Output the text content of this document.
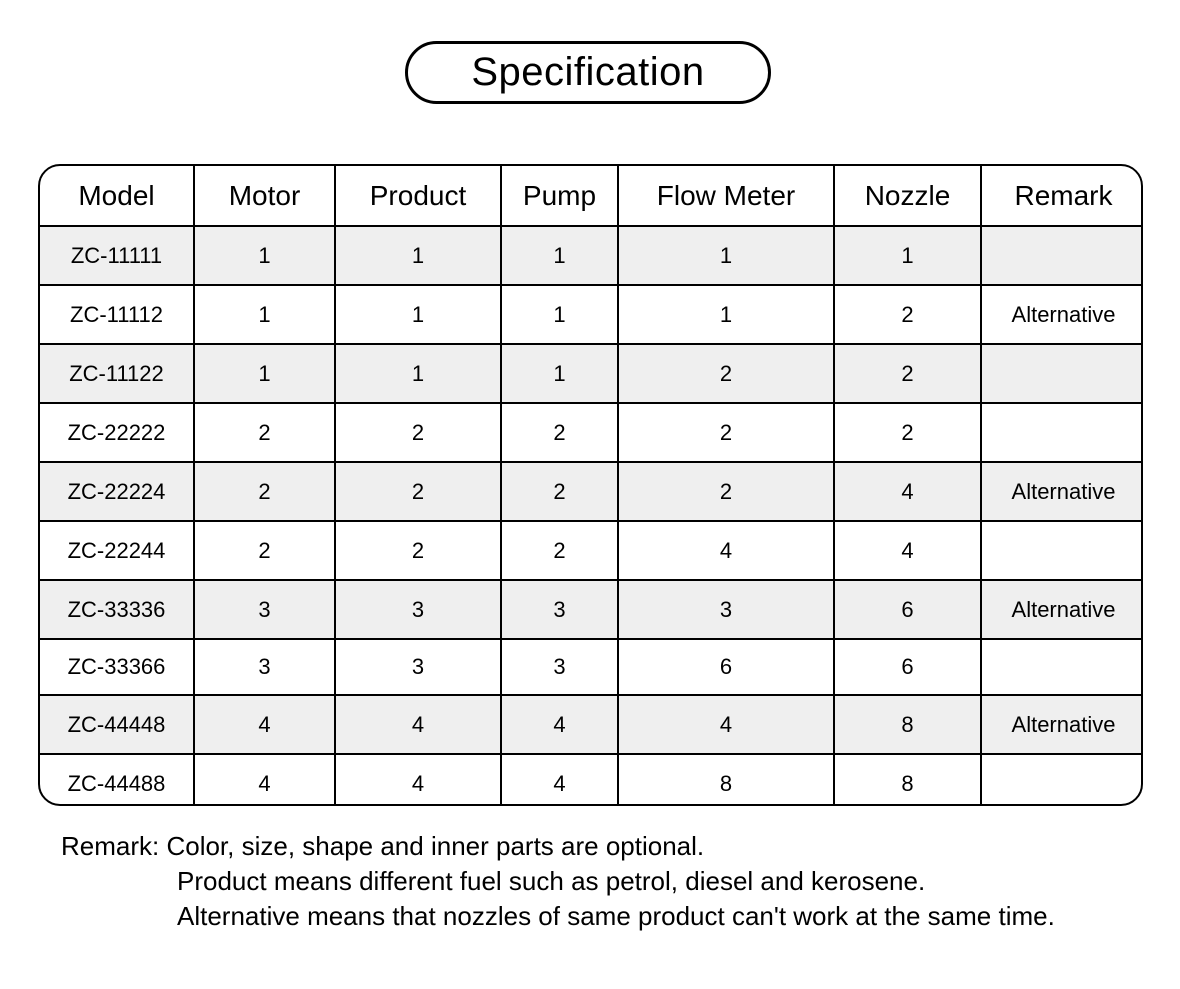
Specification
Model	Motor	Product	Pump	Flow Meter	Nozzle	Remark
ZC-11111	1	1	1	1	1	
ZC-11112	1	1	1	1	2	Alternative
ZC-11122	1	1	1	2	2	
ZC-22222	2	2	2	2	2	
ZC-22224	2	2	2	2	4	Alternative
ZC-22244	2	2	2	4	4	
ZC-33336	3	3	3	3	6	Alternative
ZC-33366	3	3	3	6	6	
ZC-44448	4	4	4	4	8	Alternative
ZC-44488	4	4	4	8	8	
Remark: Color, size, shape and inner parts are optional.
Product means different fuel such as petrol, diesel and kerosene.
Alternative means that nozzles of same product can't work at the same time.
